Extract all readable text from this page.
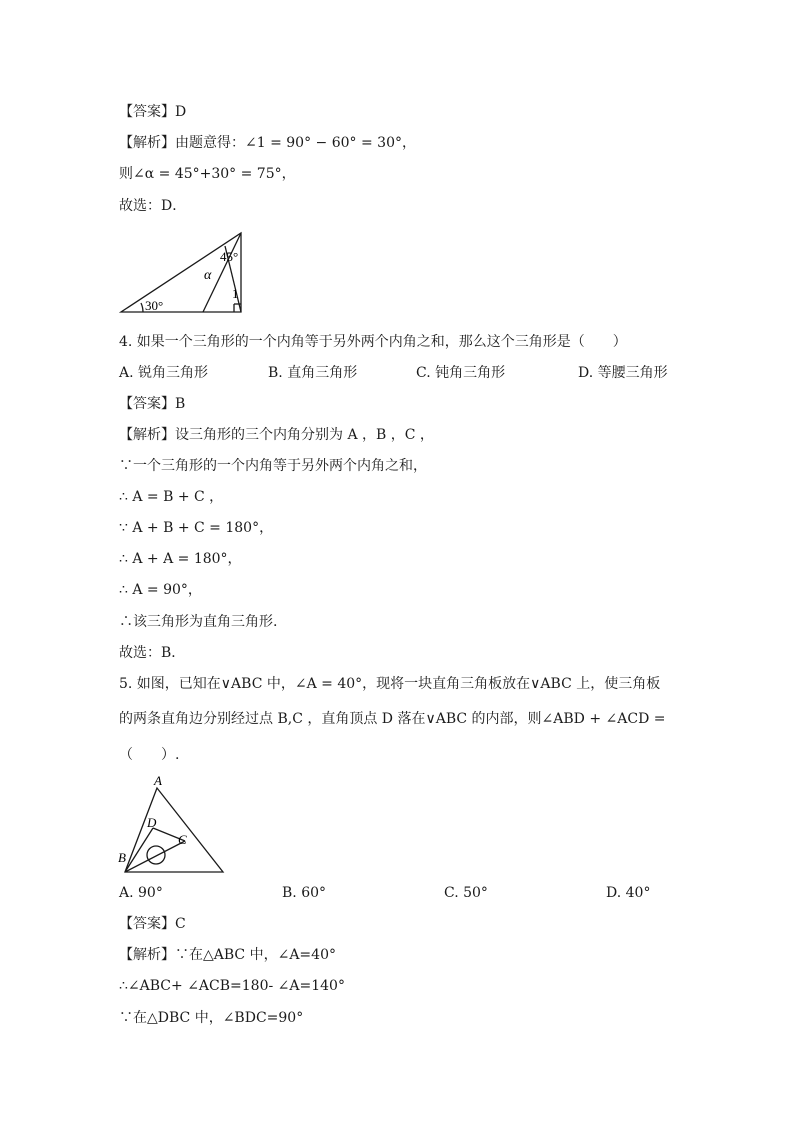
【答案】D
【解析】由题意得：∠1 = 90° − 60° = 30°，
则∠α = 45°+30° = 75°，
故选：D．
45°
α
1
30°
4. 如果一个三角形的一个内角等于另外两个内角之和，那么这个三角形是（　　）
A. 锐角三角形	B. 直角三角形	C. 钝角三角形	D. 等腰三角形
【答案】B
【解析】设三角形的三个内角分别为 A ，B ，C ，
∵一个三角形的一个内角等于另外两个内角之和，
∴ A = B + C ，
∵ A + B + C = 180°，
∴ A + A = 180°，
∴ A = 90°，
∴该三角形为直角三角形.
故选：B．
5. 如图，已知在∨ABC 中，∠A = 40°，现将一块直角三角板放在∨ABC 上，使三角板
的两条直角边分别经过点 B,C ，直角顶点 D 落在∨ABC 的内部，则∠ABD + ∠ACD =
（　　）.
A
D
C
B
A. 90°	B. 60°	C. 50°	D. 40°
【答案】C
【解析】∵在△ABC 中，∠A=40°
∴∠ABC+ ∠ACB=180- ∠A=140°
∵在△DBC 中，∠BDC=90°
